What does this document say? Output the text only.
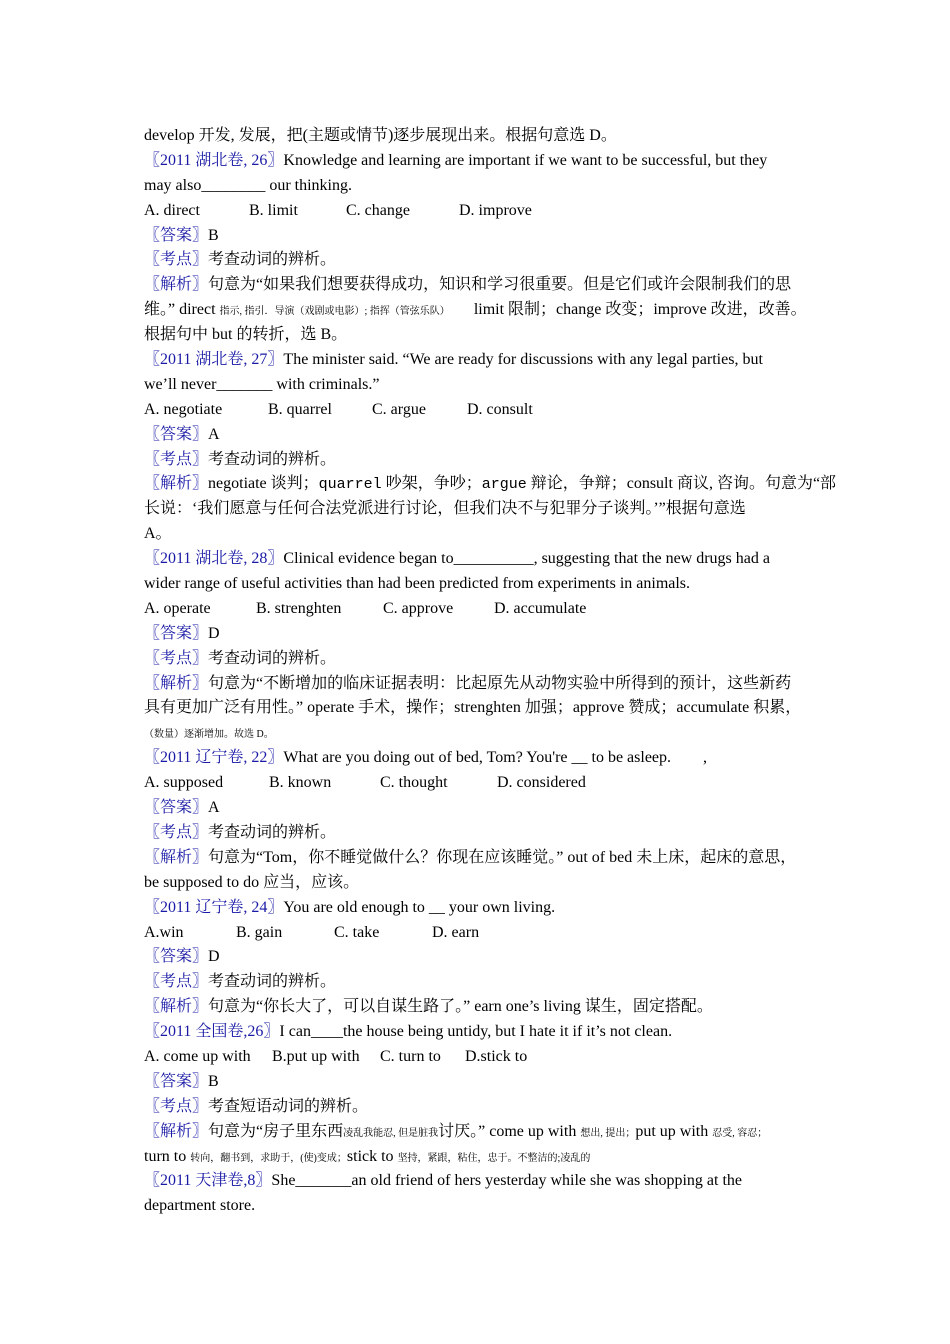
develop 开发, 发展，把(主题或情节)逐步展现出来。根据句意选 D。
〖2011 湖北卷, 26〗Knowledge and learning are important if we want to be successful, but they
may also________ our thinking.
A. direct	B. limit	C. change	D. improve
〖答案〗B
〖考点〗考查动词的辨析。
〖解析〗句意为“如果我们想要获得成功，知识和学习很重要。但是它们或许会限制我们的思
维。” direct 指示, 指引．导演（戏剧或电影）; 指挥（管弦乐队） limit 限制；change 改变；improve 改进，改善。
根据句中 but 的转折，选 B。
〖2011 湖北卷, 27〗The minister said. “We are ready for discussions with any legal parties, but
we’ll never_______ with criminals.”
A. negotiate	B. quarrel	C. argue	D. consult
〖答案〗A
〖考点〗考查动词的辨析。
〖解析〗negotiate 谈判；quarrel 吵架，争吵；argue 辩论，争辩；consult 商议, 咨询。句意为“部
长说：‘我们愿意与任何合法党派进行讨论，但我们决不与犯罪分子谈判。’”根据句意选
A。
〖2011 湖北卷, 28〗Clinical evidence began to__________, suggesting that the new drugs had a
wider range of useful activities than had been predicted from experiments in animals.
A. operate	B. strenghten	C. approve	D. accumulate
〖答案〗D
〖考点〗考查动词的辨析。
〖解析〗句意为“不断增加的临床证据表明：比起原先从动物实验中所得到的预计，这些新药
具有更加广泛有用性。” operate 手术，操作；strenghten 加强；approve 赞成；accumulate 积累，
（数量）逐渐增加。故选 D。
〖2011 辽宁卷, 22〗What are you doing out of bed, Tom? You're __ to be asleep.        ,
A. supposed	B. known	C. thought	D. considered
〖答案〗A
〖考点〗考查动词的辨析。
〖解析〗句意为“Tom，你不睡觉做什么？你现在应该睡觉。” out of bed 未上床，起床的意思，
be supposed to do 应当，应该。
〖2011 辽宁卷, 24〗You are old enough to __ your own living.
A.win	B. gain	C. take	D. earn
〖答案〗D
〖考点〗考查动词的辨析。
〖解析〗句意为“你长大了，可以自谋生路了。” earn one’s living 谋生，固定搭配。
〖2011 全国卷,26〗I can____the house being untidy, but I hate it if it’s not clean.
A. come up with	B.put up with	C. turn to	D.stick to
〖答案〗B
〖考点〗考查短语动词的辨析。
〖解析〗句意为“房子里东西凌乱我能忍, 但是脏我讨厌。” come up with 想出, 提出；put up with 忍受, 容忍；
turn to 转向，翻书到，求助于，(使)变成；stick to 坚持，紧跟，粘住，忠于。不整洁的;凌乱的
〖2011 天津卷,8〗She_______an old friend of hers yesterday while she was shopping at the
department store.
